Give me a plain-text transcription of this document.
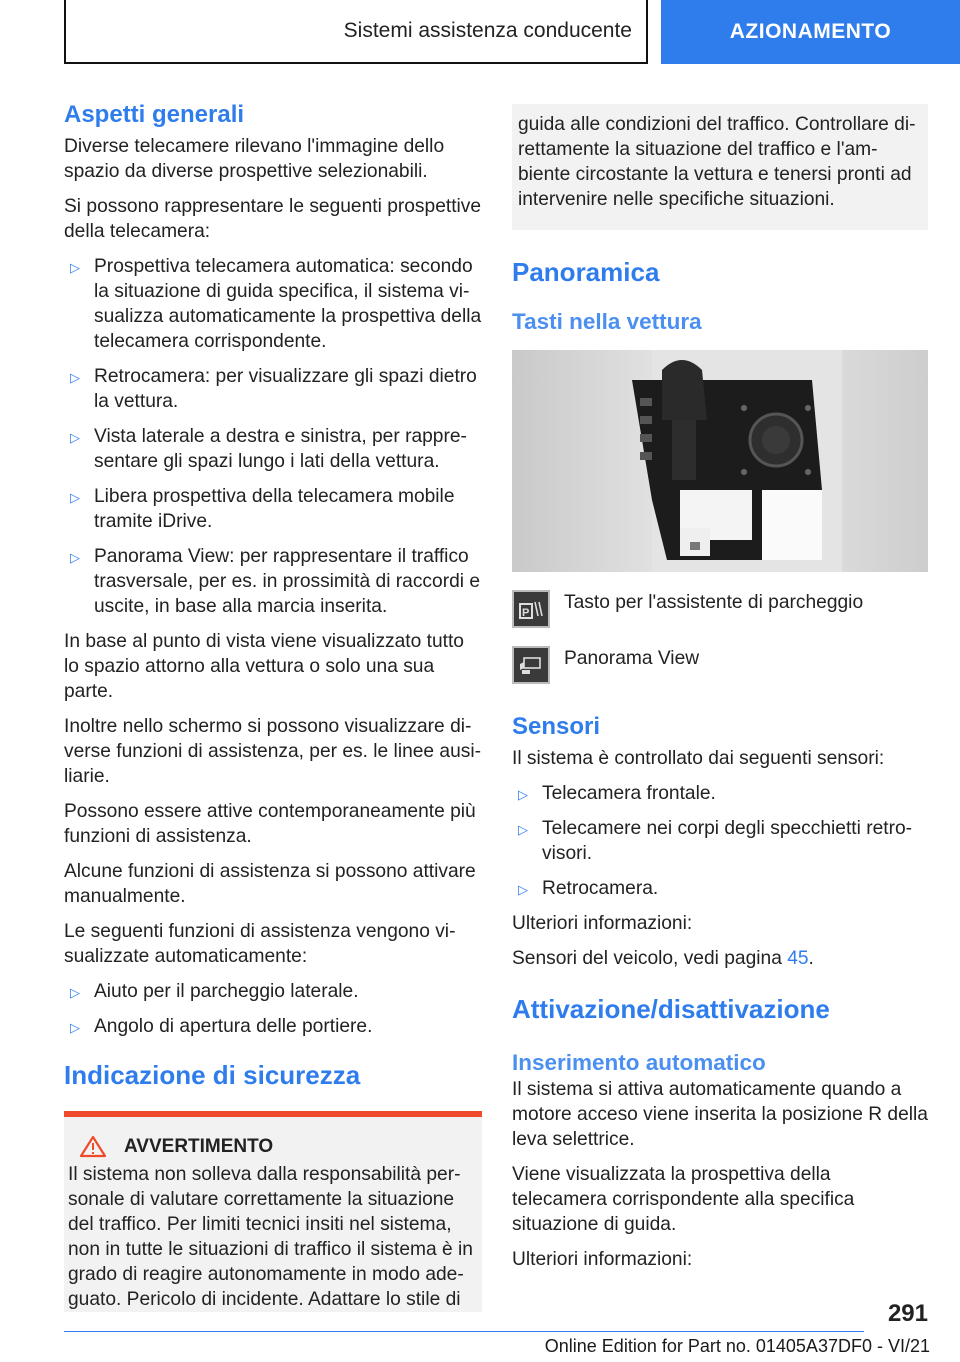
Sistemi assistenza conducente	AZIONAMENTO
Aspetti generali

Diverse telecamere rilevano l'immagine dello spazio da diverse prospettive selezionabili.

Si possono rappresentare le seguenti prospettive della telecamera:

▷ Prospettiva telecamera automatica: secondo la situazione di guida specifica, il sistema visualizza automaticamente la prospettiva della telecamera corrispondente.
▷ Retrocamera: per visualizzare gli spazi dietro la vettura.
▷ Vista laterale a destra e sinistra, per rappresentare gli spazi lungo i lati della vettura.
▷ Libera prospettiva della telecamera mobile tramite iDrive.
▷ Panorama View: per rappresentare il traffico trasversale, per es. in prossimità di raccordi e uscite, in base alla marcia inserita.

In base al punto di vista viene visualizzato tutto lo spazio attorno alla vettura o solo una sua parte.

Inoltre nello schermo si possono visualizzare diverse funzioni di assistenza, per es. le linee ausiliarie.

Possono essere attive contemporaneamente più funzioni di assistenza.

Alcune funzioni di assistenza si possono attivare manualmente.

Le seguenti funzioni di assistenza vengono visualizzate automaticamente:

▷ Aiuto per il parcheggio laterale.
▷ Angolo di apertura delle portiere.
Indicazione di sicurezza
AVVERTIMENTO
Il sistema non solleva dalla responsabilità personale di valutare correttamente la situazione del traffico. Per limiti tecnici insiti nel sistema, non in tutte le situazioni di traffico il sistema è in grado di reagire autonomamente in modo adeguato. Pericolo di incidente. Adattare lo stile di
guida alle condizioni del traffico. Controllare direttamente la situazione del traffico e l'ambiente circostante la vettura e tenersi pronti ad intervenire nelle specifiche situazioni.
Panoramica
Tasti nella vettura
P Tasto per l'assistente di parcheggio
Panorama View
Sensori

Il sistema è controllato dai seguenti sensori:

▷ Telecamera frontale.
▷ Telecamere nei corpi degli specchietti retrovisori.
▷ Retrocamera.

Ulteriori informazioni:

Sensori del veicolo, vedi pagina 45.

Attivazione/disattivazione
Inserimento automatico

Il sistema si attiva automaticamente quando a motore acceso viene inserita la posizione R della leva selettrice.

Viene visualizzata la prospettiva della telecamera corrispondente alla specifica situazione di guida.

Ulteriori informazioni:

291
Online Edition for Part no. 01405A37DF0 - VI/21
